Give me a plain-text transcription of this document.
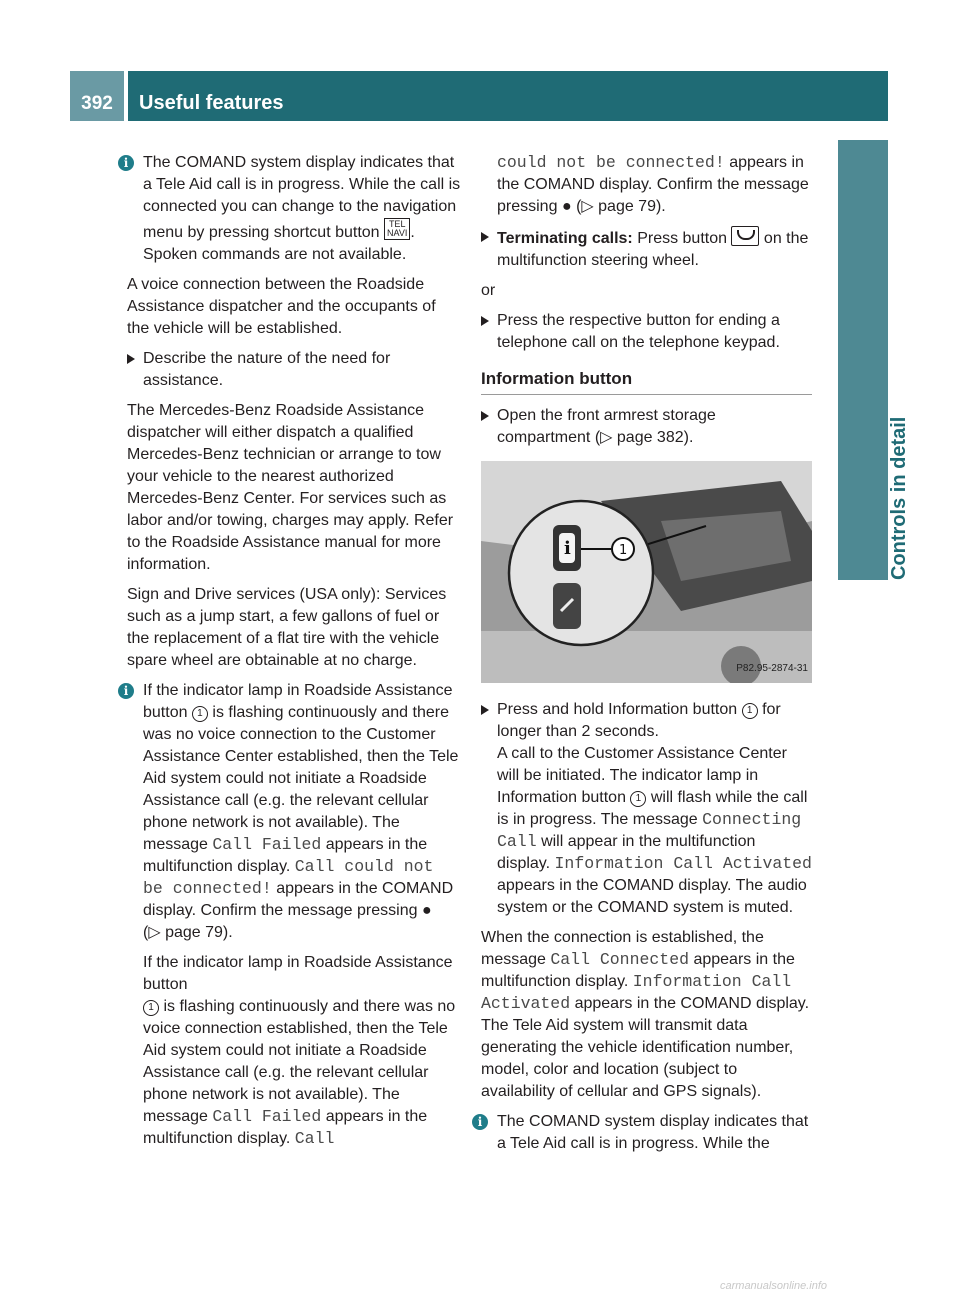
392	Useful features
Controls in detail
i The COMAND system display indicates that a Tele Aid call is in progress. While the call is connected you can change to the navigation menu by pressing shortcut button TEL
NAVI . Spoken commands are not available.

A voice connection between the Roadside Assistance dispatcher and the occupants of the vehicle will be established.

Describe the nature of the need for assistance.

The Mercedes-Benz Roadside Assistance dispatcher will either dispatch a qualified Mercedes-Benz technician or arrange to tow your vehicle to the nearest authorized Mercedes-Benz Center. For services such as labor and/or towing, charges may apply. Refer to the Roadside Assistance manual for more information.

Sign and Drive services (USA only): Services such as a jump start, a few gallons of fuel or the replacement of a flat tire with the vehicle spare wheel are obtainable at no charge.

i If the indicator lamp in Roadside Assistance button 1 is flashing continuously and there was no voice connection to the Customer Assistance Center established, then the Tele Aid system could not initiate a Roadside Assistance call (e.g. the relevant cellular phone network is not available). The message Call Failed appears in the multifunction display. Call could not be connected! appears in the COMAND display. Confirm the message pressing ●

(▷ page 79).

If the indicator lamp in Roadside Assistance button
1 is flashing continuously and there was no voice connection established, then the Tele Aid system could not initiate a Roadside Assistance call (e.g. the relevant cellular phone network is not available). The message Call Failed appears in the multifunction display. Call

could not be connected! appears in the COMAND display. Confirm the message pressing ● (▷ page 79).

Terminating calls: Press button on the multifunction steering wheel.

or

Press the respective button for ending a telephone call on the telephone keypad.

Information button

Open the front armrest storage compartment (▷ page 382).

i	1
P82.95-2874-31

Press and hold Information button 1 for longer than 2 seconds.
A call to the Customer Assistance Center will be initiated. The indicator lamp in Information button 1 will flash while the call is in progress. The message Connecting Call will appear in the multifunction display. Information Call Activated appears in the COMAND display. The audio system or the COMAND system is muted.

When the connection is established, the message Call Connected appears in the multifunction display. Information Call Activated appears in the COMAND display. The Tele Aid system will transmit data generating the vehicle identification number, model, color and location (subject to availability of cellular and GPS signals).

i The COMAND system display indicates that a Tele Aid call is in progress. While the

carmanualsonline.info
